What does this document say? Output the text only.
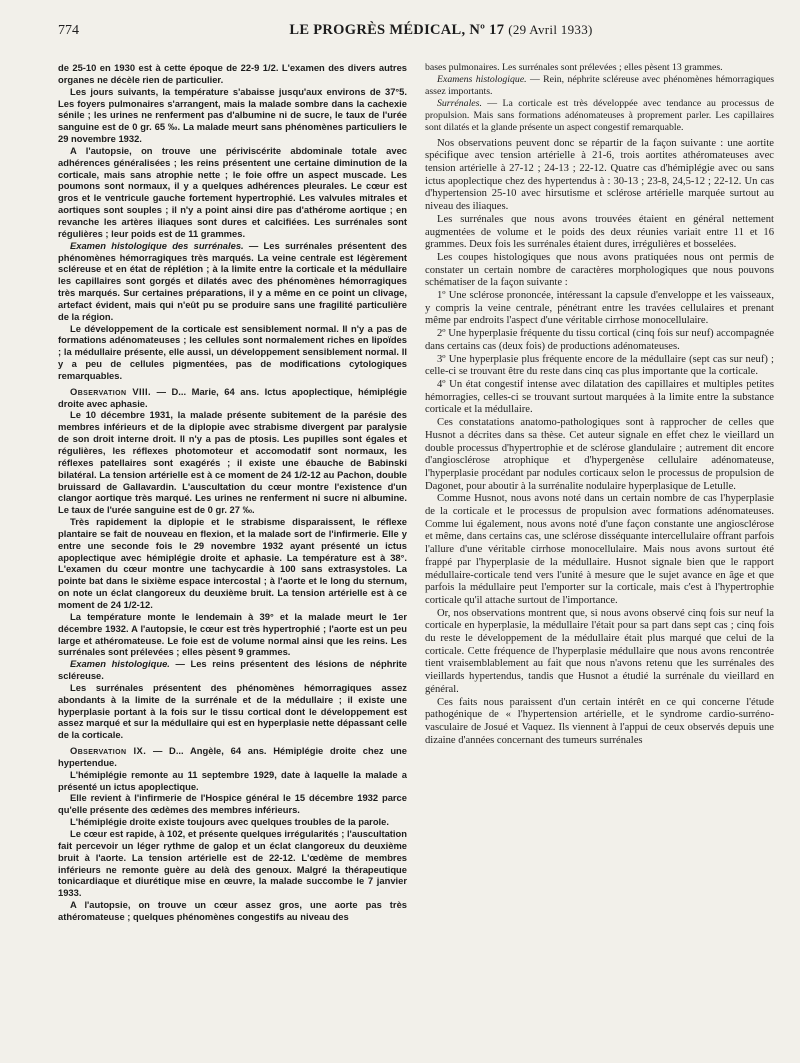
774	LE PROGRÈS MÉDICAL, Nº 17 (29 Avril 1933)

de 25-10 en 1930 est à cette époque de 22-9 1/2. L'examen des divers autres organes ne décèle rien de particulier.

Les jours suivants, la température s'abaisse jusqu'aux environs de 37°5. Les foyers pulmonaires s'arrangent, mais la malade sombre dans la cachexie sénile ; les urines ne renferment pas d'albumine ni de sucre, le taux de l'urée sanguine est de 0 gr. 65 ‰. La malade meurt sans phénomènes particuliers le 29 novembre 1932.

A l'autopsie, on trouve une périviscérite abdominale totale avec adhérences généralisées ; les reins présentent une certaine diminution de la corticale, mais sans atrophie nette ; le foie offre un aspect muscade. Les poumons sont normaux, il y a quelques adhérences pleurales. Le cœur est gros et le ventricule gauche fortement hypertrophié. Les valvules mitrales et aortiques sont souples ; il n'y a point ainsi dire pas d'athérome aortique ; en revanche les artères iliaques sont dures et calcifiées. Les surrénales sont régulières ; leur poids est de 11 grammes.

Examen histologique des surrénales. — Les surrénales présentent des phénomènes hémorragiques très marqués. La veine centrale est légèrement scléreuse et en état de réplétion ; à la limite entre la corticale et la médullaire les capillaires sont gorgés et dilatés avec des phénomènes hémorragiques très marqués. Sur certaines préparations, il y a même en ce point un clivage, artefact évident, mais qui n'eût pu se produire sans une fragilité particulière de la région.

Le développement de la corticale est sensiblement normal. Il n'y a pas de formations adénomateuses ; les cellules sont normalement riches en lipoïdes ; la médullaire présente, elle aussi, un développement sensiblement normal. Il y a peu de cellules pigmentées, pas de modifications cytologiques remarquables.

Observation VIII. — D... Marie, 64 ans. Ictus apoplectique, hémiplégie droite avec aphasie.

Le 10 décembre 1931, la malade présente subitement de la parésie des membres inférieurs et de la diplopie avec strabisme divergent par paralysie de son droit interne droit. Il n'y a pas de ptosis. Les pupilles sont égales et régulières, les réflexes photomoteur et accomodatif sont normaux, les réflexes patellaires sont exagérés ; il existe une ébauche de Babinski bilatéral. La tension artérielle est à ce moment de 24 1/2-12 au Pachon, double bruissard de Gallavardin. L'auscultation du cœur montre l'existence d'un clangor aortique très marqué. Les urines ne renferment ni sucre ni albumine. Le taux de l'urée sanguine est de 0 gr. 27 ‰.

Très rapidement la diplopie et le strabisme disparaissent, le réflexe plantaire se fait de nouveau en flexion, et la malade sort de l'infirmerie. Elle y entre une seconde fois le 29 novembre 1932 ayant présenté un ictus apoplectique avec hémiplégie droite et aphasie. La température est à 38°. L'examen du cœur montre une tachycardie à 100 sans extrasystoles. La pointe bat dans le sixième espace intercostal ; à l'aorte et le long du sternum, on note un éclat clangoreux du deuxième bruit. La tension artérielle est à ce moment de 24 1/2-12.

La température monte le lendemain à 39° et la malade meurt le 1er décembre 1932. A l'autopsie, le cœur est très hypertrophié ; l'aorte est un peu large et athéromateuse. Le foie est de volume normal ainsi que les reins. Les surrénales sont prélevées ; elles pèsent 9 grammes.

Examen histologique. — Les reins présentent des lésions de néphrite scléreuse.

Les surrénales présentent des phénomènes hémorragiques assez abondants à la limite de la surrénale et de la médullaire ; il existe une hyperplasie portant à la fois sur le tissu cortical dont le développement est assez marqué et sur la médullaire qui est en hyperplasie nette dépassant celle de la corticale.

Observation IX. — D... Angèle, 64 ans. Hémiplégie droite chez une hypertendue.

L'hémiplégie remonte au 11 septembre 1929, date à laquelle la malade a présenté un ictus apoplectique.

Elle revient à l'infirmerie de l'Hospice général le 15 décembre 1932 parce qu'elle présente des œdèmes des membres inférieurs.

L'hémiplégie droite existe toujours avec quelques troubles de la parole.

Le cœur est rapide, à 102, et présente quelques irrégularités ; l'auscultation fait percevoir un léger rythme de galop et un éclat clangoreux du deuxième bruit à l'aorte. La tension artérielle est de 22-12. L'œdème de membres inférieurs ne remonte guère au delà des genoux. Malgré la thérapeutique tonicardiaque et diurétique mise en œuvre, la malade succombe le 7 janvier 1933.

A l'autopsie, on trouve un cœur assez gros, une aorte pas très athéromateuse ; quelques phénomènes congestifs au niveau des

bases pulmonaires. Les surrénales sont prélevées ; elles pèsent 13 grammes.

Examens histologique. — Rein, néphrite scléreuse avec phénomènes hémorragiques assez importants.

Surrénales. — La corticale est très développée avec tendance au processus de propulsion. Mais sans formations adénomateuses à proprement parler. Les capillaires sont dilatés et la glande présente un aspect congestif remarquable.

Nos observations peuvent donc se répartir de la façon suivante : une aortite spécifique avec tension artérielle à 21-6, trois aortites athéromateuses avec tension artérielle à 27-12 ; 24-13 ; 22-12. Quatre cas d'hémiplégie avec ou sans ictus apoplectique chez des hypertendus à : 30-13 ; 23-8, 24,5-12 ; 22-12. Un cas d'hypertension 25-10 avec hirsutisme et sclérose artérielle marquée surtout au niveau des iliaques.

Les surrénales que nous avons trouvées étaient en général nettement augmentées de volume et le poids des deux réunies variait entre 11 et 16 grammes. Deux fois les surrénales étaient dures, irrégulières et bosselées.

Les coupes histologiques que nous avons pratiquées nous ont permis de constater un certain nombre de caractères morphologiques que nous pouvons schématiser de la façon suivante :

1º Une sclérose prononcée, intéressant la capsule d'enveloppe et les vaisseaux, y compris la veine centrale, pénétrant entre les travées cellulaires et prenant même par endroits l'aspect d'une véritable cirrhose monocellulaire.

2º Une hyperplasie fréquente du tissu cortical (cinq fois sur neuf) accompagnée dans certains cas (deux fois) de productions adénomateuses.

3º Une hyperplasie plus fréquente encore de la médullaire (sept cas sur neuf) ; celle-ci se trouvant être du reste dans cinq cas plus importante que la corticale.

4º Un état congestif intense avec dilatation des capillaires et multiples petites hémorragies, celles-ci se trouvant surtout marquées à la limite entre la substance corticale et la médullaire.

Ces constatations anatomo-pathologiques sont à rapprocher de celles que Husnot a décrites dans sa thèse. Cet auteur signale en effet chez le vieillard un double processus d'hypertrophie et de sclérose glandulaire ; autrement dit encore d'angiosclérose atrophique et d'hypergenèse cellulaire adénomateuse, l'hyperplasie procédant par nodules corticaux selon le processus de propulsion de Dagonet, pour aboutir à la surrénalite nodulaire hyperplasique de Letulle.

Comme Husnot, nous avons noté dans un certain nombre de cas l'hyperplasie de la corticale et le processus de propulsion avec formations adénomateuses. Comme lui également, nous avons noté d'une façon constante une angiosclérose et même, dans certains cas, une sclérose disséquante intercellulaire offrant parfois l'allure d'une véritable cirrhose monocellulaire. Mais nous avons surtout été frappé par l'hyperplasie de la médullaire. Husnot signale bien que le rapport médullaire-corticale tend vers l'unité à mesure que le sujet avance en âge et que parfois la médullaire peut l'emporter sur la corticale, mais c'est à l'hypertrophie corticale qu'il attache surtout de l'importance.

Or, nos observations montrent que, si nous avons observé cinq fois sur neuf la corticale en hyperplasie, la médullaire l'était pour sa part dans sept cas ; cinq fois du reste le développement de la médullaire était plus marqué que celui de la corticale. Cette fréquence de l'hyperplasie médullaire que nous avons rencontrée tient vraisemblablement au fait que nous n'avons retenu que les surrénales des vieillards hypertendus, tandis que Husnot a étudié la surrénale du vieillard en général.

Ces faits nous paraissent d'un certain intérêt en ce qui concerne l'étude pathogénique de « l'hypertension artérielle, et le syndrome cardio-surréno-vasculaire de Josué et Vaquez. Ils viennent à l'appui de ceux observés depuis une dizaine d'années concernant des tumeurs surrénales
